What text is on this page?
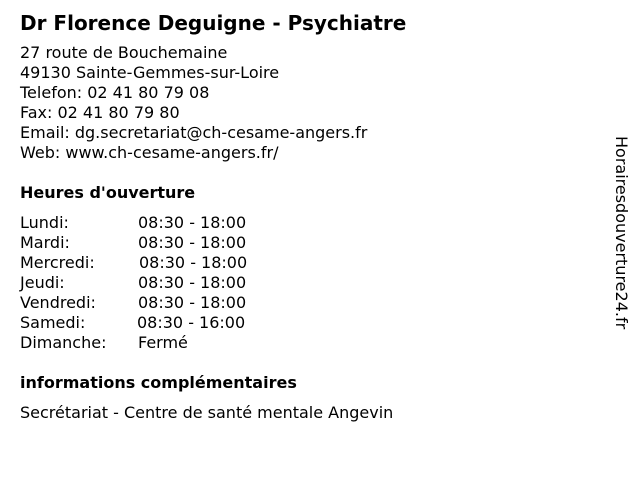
Dr Florence Deguigne - Psychiatre
27 route de Bouchemaine
49130 Sainte-Gemmes-sur-Loire
Telefon: 02 41 80 79 08
Fax: 02 41 80 79 80
Email: dg.secretariat@ch-cesame-angers.fr
Web: www.ch-cesame-angers.fr/
Heures d'ouverture
Lundi:	08:30 - 18:00
Mardi:	08:30 - 18:00
Mercredi:	08:30 - 18:00
Jeudi:	08:30 - 18:00
Vendredi:	08:30 - 18:00
Samedi:	08:30 - 16:00
Dimanche: Fermé
informations complémentaires
Secrétariat - Centre de santé mentale Angevin
Horairesdouverture24.fr
